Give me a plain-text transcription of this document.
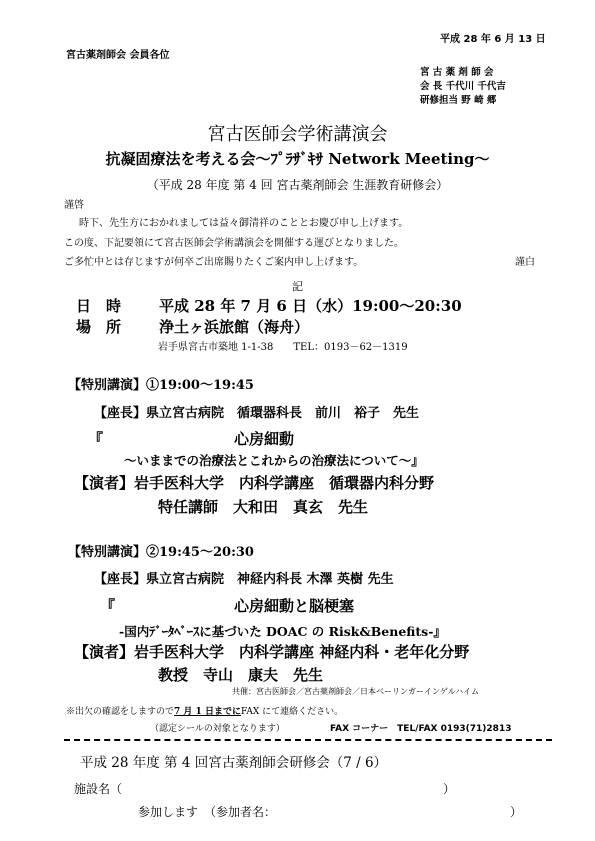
平成 28 年 6 月 13 日
宮古薬剤師会 会員各位
宮 古 薬 剤 師 会
会 長 千代川 千代吉
研修担当 野 崎 郷
宮古医師会学術講演会
抗凝固療法を考える会〜ﾌﾟﾗｻﾞｷｻ Network Meeting〜
（平成 28 年度 第 4 回 宮古薬剤師会 生涯教育研修会）
謹啓
時下、先生方におかれましては益々御清祥のこととお慶び申し上げます。
この度、下記要領にて宮古医師会学術講演会を開催する運びとなりました。
ご多忙中とは存じますが何卒ご出席賜りたくご案内申し上げます。	謹白
記
日　時	平成 28 年 7 月 6 日（水）19:00〜20:30
場　所	浄土ヶ浜旅館（海舟）
岩手県宮古市築地 1-1-38　　TEL：0193－62－1319
【特別講演】①19:00〜19:45
【座長】県立宮古病院　循環器科長　前川　裕子　先生
『	心房細動
〜いままでの治療法とこれからの治療法について〜』
【演者】岩手医科大学　内科学講座　循環器内科分野
特任講師　大和田　真玄　先生
【特別講演】②19:45〜20:30
【座長】県立宮古病院　神経内科長 木澤 英樹 先生
『	心房細動と脳梗塞
-国内ﾃﾞｰﾀﾍﾞｰｽに基づいた DOAC の Risk&Benefits-』
【演者】岩手医科大学　内科学講座 神経内科・老年化分野
教授　寺山　康夫　先生
共催：宮古医師会／宮古薬剤師会／日本ベーリンガーインゲルハイム
※出欠の確認をしますので7 月 1 日までにFAX にて連絡ください。
（認定シールの対象となります）	FAX コーナー　TEL/FAX 0193(71)2813
平成 28 年度 第 4 回宮古薬剤師会研修会（7 / 6）
施設名（	）
参加します　（参加者名：	）
